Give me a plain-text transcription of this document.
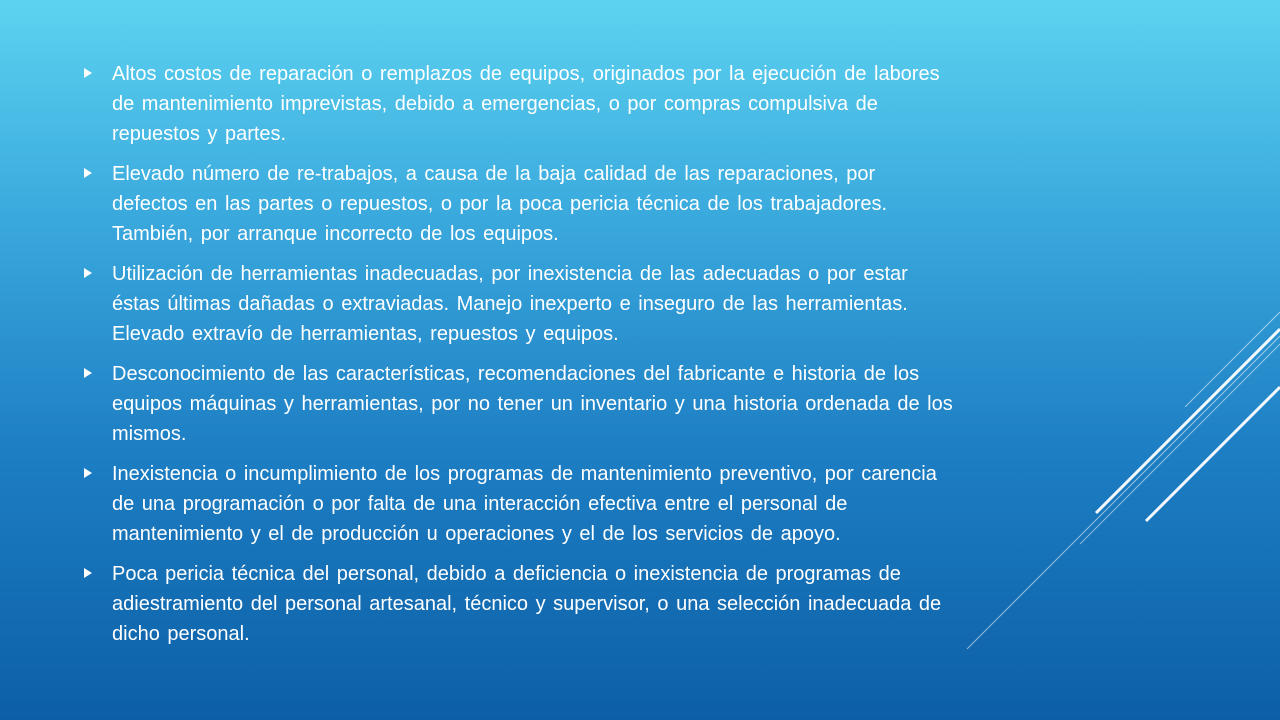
Altos costos de reparación o remplazos de equipos, originados por la ejecución de labores de mantenimiento imprevistas, debido a emergencias, o por compras compulsiva de repuestos y partes.
Elevado número de re-trabajos, a causa de la baja calidad de las reparaciones, por defectos en las partes o repuestos, o por la poca pericia técnica de los trabajadores. También, por arranque incorrecto de los equipos.
Utilización de herramientas inadecuadas, por inexistencia de las adecuadas o por estar éstas últimas dañadas o extraviadas. Manejo inexperto e inseguro de las herramientas. Elevado extravío de herramientas, repuestos y equipos.
Desconocimiento de las características, recomendaciones del fabricante e historia de los equipos máquinas y herramientas, por no tener un inventario y una historia ordenada de los mismos.
Inexistencia o incumplimiento de los programas de mantenimiento preventivo, por carencia de una programación o por falta de una interacción efectiva entre el personal de mantenimiento y el de producción u operaciones y el de los servicios de apoyo.
Poca pericia técnica del personal, debido a deficiencia o inexistencia de programas de adiestramiento del personal artesanal, técnico y supervisor, o una selección inadecuada de dicho personal.
